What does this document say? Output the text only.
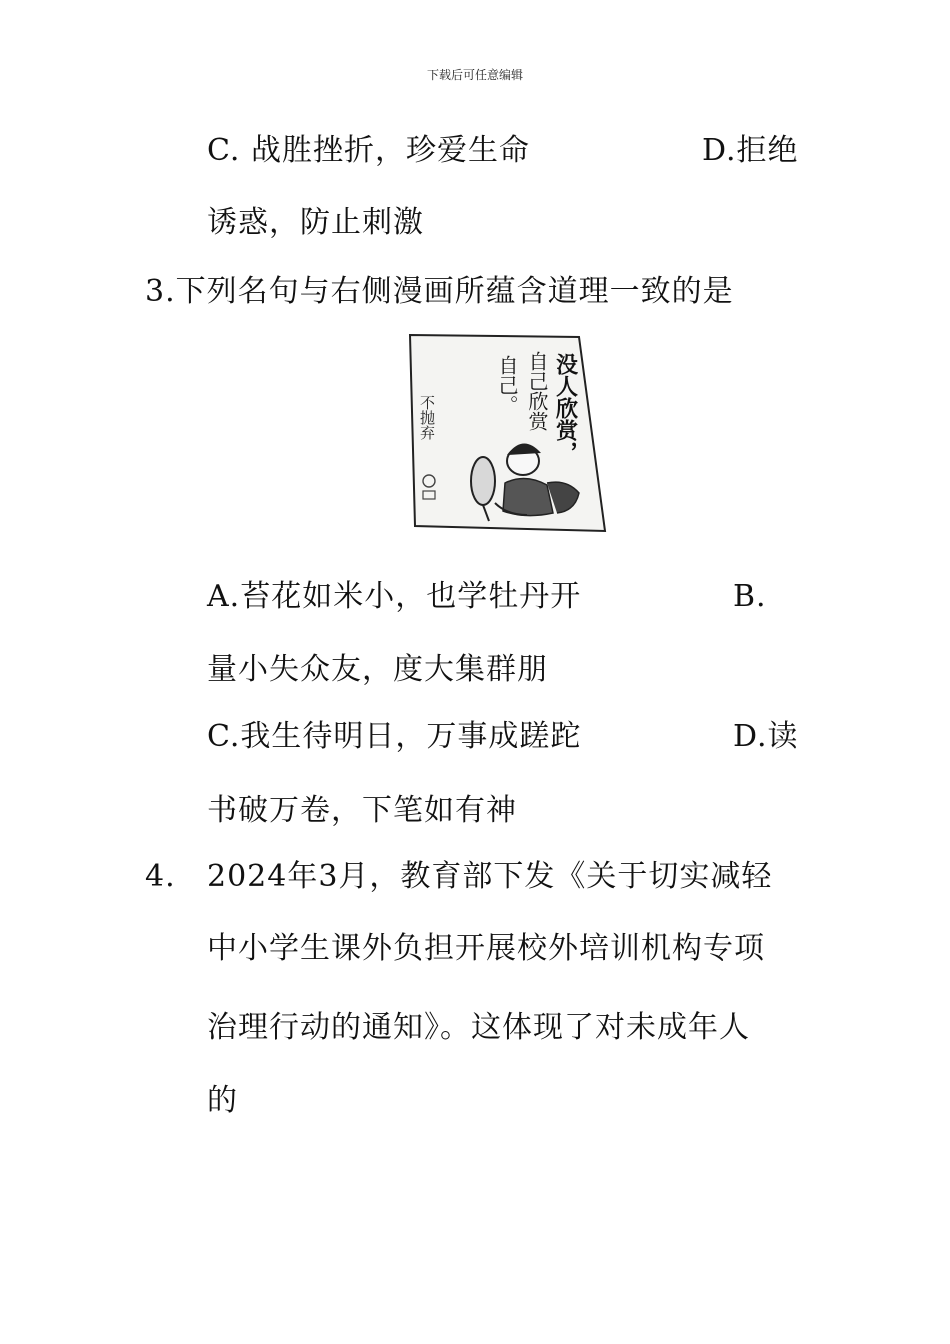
下载后可任意编辑
C. 战胜挫折，珍爱生命	D.拒绝
诱惑，防止刺激
3.下列名句与右侧漫画所蕴含道理一致的是
不抛弃	没人欣赏，
自己欣赏
自己。
A.苔花如米小，也学牡丹开	B.
量小失众友，度大集群朋
C.我生待明日，万事成蹉跎	D.读
书破万卷，下笔如有神
4. 2024年3月，教育部下发《关于切实减轻
中小学生课外负担开展校外培训机构专项
治理行动的通知》。这体现了对未成年人
的
